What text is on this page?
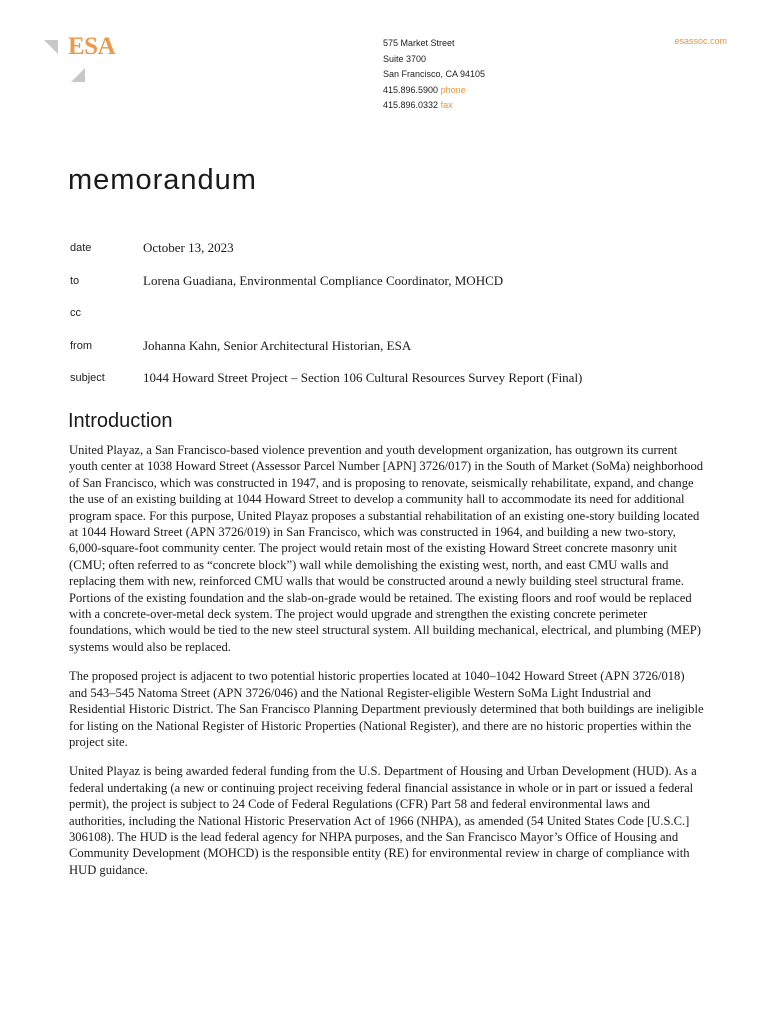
ESA	575 Market Street
Suite 3700
San Francisco, CA 94105
415.896.5900 phone
415.896.0332 fax
esassoc.com
memorandum
date	October 13, 2023
to	Lorena Guadiana, Environmental Compliance Coordinator, MOHCD
cc
from	Johanna Kahn, Senior Architectural Historian, ESA
subject	1044 Howard Street Project – Section 106 Cultural Resources Survey Report (Final)
Introduction

United Playaz, a San Francisco-based violence prevention and youth development organization, has outgrown its current youth center at 1038 Howard Street (Assessor Parcel Number [APN] 3726/017) in the South of Market (SoMa) neighborhood of San Francisco, which was constructed in 1947, and is proposing to renovate, seismically rehabilitate, expand, and change the use of an existing building at 1044 Howard Street to develop a community hall to accommodate its need for additional program space. For this purpose, United Playaz proposes a substantial rehabilitation of an existing one-story building located at 1044 Howard Street (APN 3726/019) in San Francisco, which was constructed in 1964, and building a new two-story, 6,000-square-foot community center. The project would retain most of the existing Howard Street concrete masonry unit (CMU; often referred to as “concrete block”) wall while demolishing the existing west, north, and east CMU walls and replacing them with new, reinforced CMU walls that would be constructed around a newly building steel structural frame. Portions of the existing foundation and the slab-on-grade would be retained. The existing floors and roof would be replaced with a concrete-over-metal deck system. The project would upgrade and strengthen the existing concrete perimeter foundations, which would be tied to the new steel structural system. All building mechanical, electrical, and plumbing (MEP) systems would also be replaced.

The proposed project is adjacent to two potential historic properties located at 1040–1042 Howard Street (APN 3726/018) and 543–545 Natoma Street (APN 3726/046) and the National Register-eligible Western SoMa Light Industrial and Residential Historic District. The San Francisco Planning Department previously determined that both buildings are ineligible for listing on the National Register of Historic Properties (National Register), and there are no historic properties within the project site.

United Playaz is being awarded federal funding from the U.S. Department of Housing and Urban Development (HUD). As a federal undertaking (a new or continuing project receiving federal financial assistance in whole or in part or issued a federal permit), the project is subject to 24 Code of Federal Regulations (CFR) Part 58 and federal environmental laws and authorities, including the National Historic Preservation Act of 1966 (NHPA), as amended (54 United States Code [U.S.C.] 306108). The HUD is the lead federal agency for NHPA purposes, and the San Francisco Mayor’s Office of Housing and Community Development (MOHCD) is the responsible entity (RE) for environmental review in charge of compliance with HUD guidance.
